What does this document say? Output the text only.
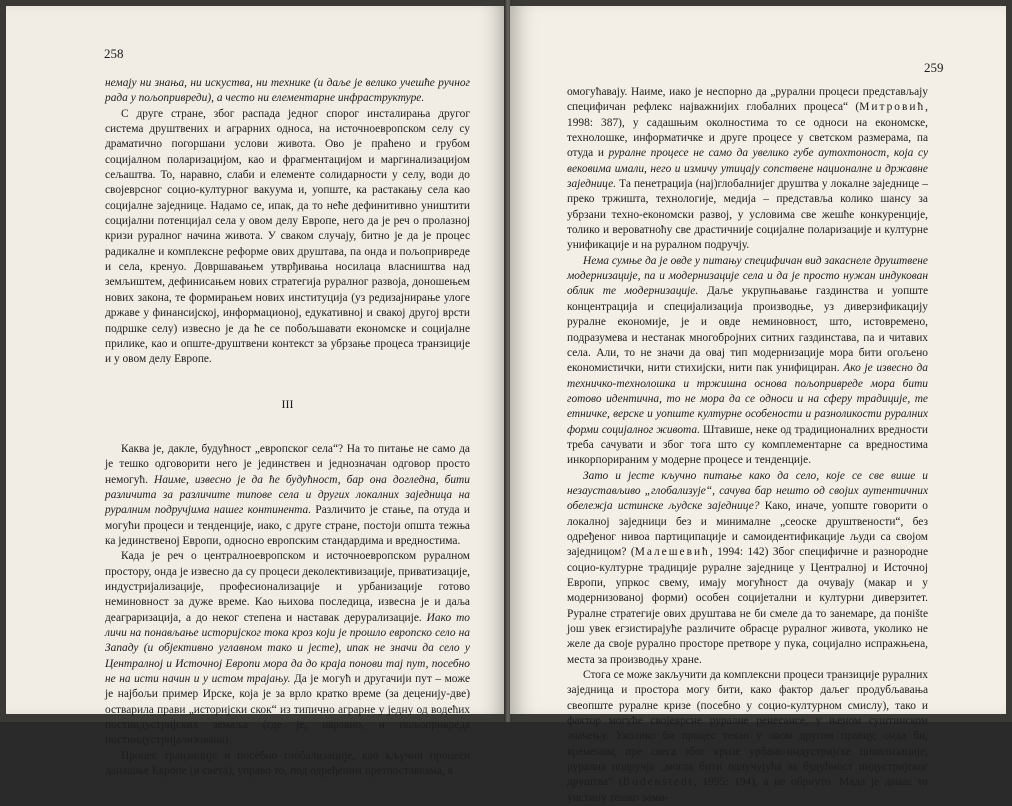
258

немају ни знања, ни искуства, ни технике (и даље је велико учешће ручног рада у пољопривреди), а често ни елементарне инфраструктуре.

С друге стране, због распада једног спорог инсталирања другог система друштвених и аграрних односа, на источноевропском селу су драматично погоршани услови живота. Ово је праћено и грубом социјалном поларизацијом, као и фрагментацијом и маргинализацијом сељаштва. То, наравно, слаби и елементе солидарности у селу, води до својеврсног социо-културног вакуума и, уопште, ка растакању села као социјалне заједнице. Надамо се, ипак, да то неће дефинитивно уништити социјални потенцијал села у овом делу Европе, него да је реч о пролазној кризи руралног начина живота. У сваком случају, битно је да је процес радикалне и комплексне реформе ових друштава, па онда и пољопривреде и села, кренуо. Довршавањем утврђивања носилаца власништва над земљиштем, дефинисањем нових стратегија руралног развоја, доношењем нових закона, те формирањем нових институција (уз редизајнирање улоге државе у финансијској, информационој, едукативној и свакој другој врсти подршке селу) извесно је да ће се побољшавати економске и социјалне прилике, као и опште-друштвени контекст за убрзање процеса транзиције и у овом делу Европе.

III

Каква је, дакле, будућност „европског села“? На то питање не само да је тешко одговорити него је јединствен и једнозначан одговор просто немогућ. Наиме, извесно је да ће будућност, бар она догледна, бити различита за различите типове села и других локалних заједница на руралним подручјима нашег континента. Различито је стање, па отуда и могући процеси и тенденције, иако, с друге стране, постоји општа тежња ка јединственој Европи, односно европским стандардима и вредностима.

Када је реч о централноевропском и источноевропском руралном простору, онда је извесно да су процеси деколективизације, приватизације, индустријализације, професионализације и урбанизације готово неминовност за дуже време. Као њихова последица, извесна је и даља деаграризација, а до неког степена и наставак дерурализације. Иако то личи на понављање историјског тока кроз који је прошло европско село на Западу (и објективно углавном тако и јесте), ипак не значи да село у Централној и Источној Европи мора да до краја понови тај пут, посебно не на исти начин и у истом трајању. Да је могућ и другачији пут – може је најбољи пример Ирске, која је за врло кратко време (за деценију-две) остварила прави „историјски скок“ из типично аграрне у једну од водећих постиндустријских земаља (где је, наравно, и пољопривреда постиндустријализована).

Процес транзиције и посебно глобализације, као кључни процеси данашње Европе (и света), управо то, под одређеним претпоставкама, а

259

омогућавају. Наиме, иако је неспорно да „рурални процеси представљају специфичан рефлекс најважнијих глобалних процеса“ (Митровић, 1998: 387), у садашњим околностима то се односи на економске, технолошке, информатичке и друге процесе у светском размерама, па отуда и руралне процесе не само да увелико губе аутохтоност, која су вековима имали, него и измичу утицају сопствене националне и државне заједнице. Та пенетрација (нај)глобалнијег друштва у локалне заједнице – преко тржишта, технологије, медија – представља колико шансу за убрзани техно-економски развој, у условима све жешће конкуренције, толико и вероватноћу све драстичније социјалне поларизације и културне унификације и на руралном подручју.

Нема сумње да је овде у питању специфичан вид закаснеле друштвене модернизације, па и модернизације села и да је просто нужан индукован облик те модернизације. Даље укрупњавање газдинства и уопште концентрација и специјализација производње, уз диверзификацију руралне економије, је и овде неминовност, што, истовремено, подразумева и нестанак многобројних ситних газдинстава, па и читавих села. Али, то не значи да овај тип модернизације мора бити огољено економистички, нити стихијски, нити пак унифициран. Ако је извесно да техничко-технолошка и тржишна основа пољопривреде мора бити готово идентична, то не мора да се односи и на сферу традиције, те етничке, верске и уопште културне особености и разноликости руралних форми социјалног живота. Штавише, неке од традиционалних вредности треба сачувати и због тога што су комплементарне са вредностима инкорпорираним у модерне процесе и тенденције.

Зато и јесте кључно питање како да село, које се све више и незаустављиво „глобализује“, сачува бар нешто од својих аутентичних обележја истинске људске заједнице? Како, иначе, уопште говорити о локалној заједници без и минималне „сеоске друштвености“, без одређеног нивоа партиципације и самоидентификације људи са својом заједницом? (Малешевић, 1994: 142) Због специфичне и разнородне социо-културне традиције руралне заједнице у Централној и Источној Европи, упркос свему, имају могућност да очувају (макар и у модернизованој форми) особен социјетални и културни диверзитет. Руралне стратегије ових друштава не би смеле да то занемаре, да понište још увек егзистирајуће различите обрасце руралног живота, уколико не желе да своје рурално просторе претворе у пука, социјално испражњена, места за производњу хране.

Стога се може закључити да комплексни процеси транзиције руралних заједница и простора могу бити, како фактор даљег продубљавања свеопште руралне кризе (посебно у социо-културном смислу), тако и фактор могуће својеврсне руралне ренесансе, у њеном суштинском значењу. Уколико би процес текао у овом другом правцу, онда би, временом, пре свега због кризе урбано-индустријске цивилизације, рурална подручја „могла бити одлучујућа за будућност индустријског друштва“ (Bodenstedt, 1995: 194), а не обрнуто. Мада је данас то уистину тешко зами-
